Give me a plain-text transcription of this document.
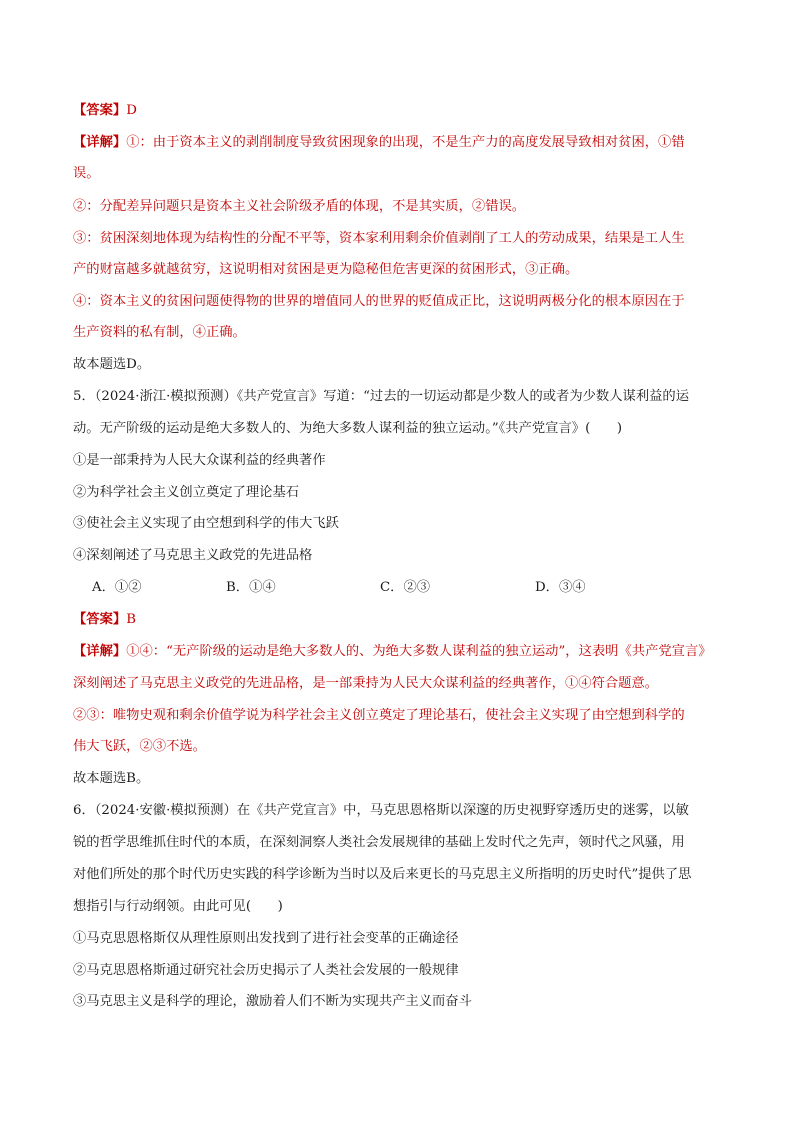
【答案】D
【详解】①：由于资本主义的剥削制度导致贫困现象的出现，不是生产力的高度发展导致相对贫困，①错
误。
②：分配差异问题只是资本主义社会阶级矛盾的体现，不是其实质，②错误。
③：贫困深刻地体现为结构性的分配不平等，资本家利用剩余价值剥削了工人的劳动成果，结果是工人生
产的财富越多就越贫穷，这说明相对贫困是更为隐秘但危害更深的贫困形式，③正确。
④：资本主义的贫困问题使得物的世界的增值同人的世界的贬值成正比，这说明两极分化的根本原因在于
生产资料的私有制，④正确。
故本题选D。
5．（2024·浙江·模拟预测）《共产党宣言》写道：“过去的一切运动都是少数人的或者为少数人谋利益的运
动。无产阶级的运动是绝大多数人的、为绝大多数人谋利益的独立运动。”《共产党宣言》(　　)
①是一部秉持为人民大众谋利益的经典著作
②为科学社会主义创立奠定了理论基石
③使社会主义实现了由空想到科学的伟大飞跃
④深刻阐述了马克思主义政党的先进品格
A．①②	B．①④	C．②③	D．③④
【答案】B
【详解】①④：“无产阶级的运动是绝大多数人的、为绝大多数人谋利益的独立运动”，这表明《共产党宣言》
深刻阐述了马克思主义政党的先进品格，是一部秉持为人民大众谋利益的经典著作，①④符合题意。
②③：唯物史观和剩余价值学说为科学社会主义创立奠定了理论基石，使社会主义实现了由空想到科学的
伟大飞跃，②③不选。
故本题选B。
6．（2024·安徽·模拟预测）在《共产党宣言》中，马克思恩格斯以深邃的历史视野穿透历史的迷雾，以敏
锐的哲学思维抓住时代的本质，在深刻洞察人类社会发展规律的基础上发时代之先声，领时代之风骚，用
对他们所处的那个时代历史实践的科学诊断为当时以及后来更长的马克思主义所指明的历史时代”提供了思
想指引与行动纲领。由此可见(　　)
①马克思恩格斯仅从理性原则出发找到了进行社会变革的正确途径
②马克思恩格斯通过研究社会历史揭示了人类社会发展的一般规律
③马克思主义是科学的理论，激励着人们不断为实现共产主义而奋斗
